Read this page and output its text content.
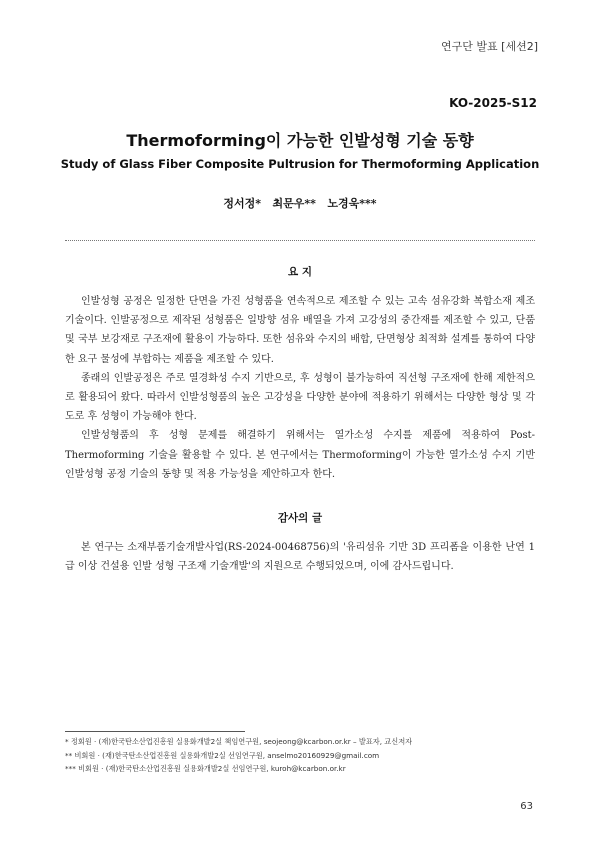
연구단 발표 [세션2]
KO-2025-S12
Thermoforming이 가능한 인발성형 기술 동향
Study of Glass Fiber Composite Pultrusion for Thermoforming Application
정서정*   최문우**   노경욱***
요 지

인발성형 공정은 일정한 단면을 가진 성형품을 연속적으로 제조할 수 있는 고속 섬유강화 복합소재 제조 기술이다. 인발공정으로 제작된 성형품은 일방향 섬유 배열을 가져 고강성의 중간재를 제조할 수 있고, 단품 및 국부 보강재로 구조재에 활용이 가능하다. 또한 섬유와 수지의 배합, 단면형상 최적화 설계를 통하여 다양한 요구 물성에 부합하는 제품을 제조할 수 있다.

종래의 인발공정은 주로 열경화성 수지 기반으로, 후 성형이 불가능하여 직선형 구조재에 한해 제한적으로 활용되어 왔다. 따라서 인발성형품의 높은 고강성을 다양한 분야에 적용하기 위해서는 다양한 형상 및 각도로 후 성형이 가능해야 한다.

인발성형품의 후 성형 문제를 해결하기 위해서는 열가소성 수지를 제품에 적용하여 Post-Thermoforming 기술을 활용할 수 있다. 본 연구에서는 Thermoforming이 가능한 열가소성 수지 기반 인발성형 공정 기술의 동향 및 적용 가능성을 제안하고자 한다.

감사의 글

본 연구는 소재부품기술개발사업(RS-2024-00468756)의 '유리섬유 기반 3D 프리폼을 이용한 난연 1급 이상 건설용 인발 성형 구조재 기술개발'의 지원으로 수행되었으며, 이에 감사드립니다.

* 정회원 · (재)한국탄소산업진흥원 실용화개발2실 책임연구원, seojeong@kcarbon.or.kr – 발표자, 교신저자
** 비회원 · (재)한국탄소산업진흥원 실용화개발2실 선임연구원, anselmo20160929@gmail.com
*** 비회원 · (재)한국탄소산업진흥원 실용화개발2실 선임연구원, kuroh@kcarbon.or.kr
63
